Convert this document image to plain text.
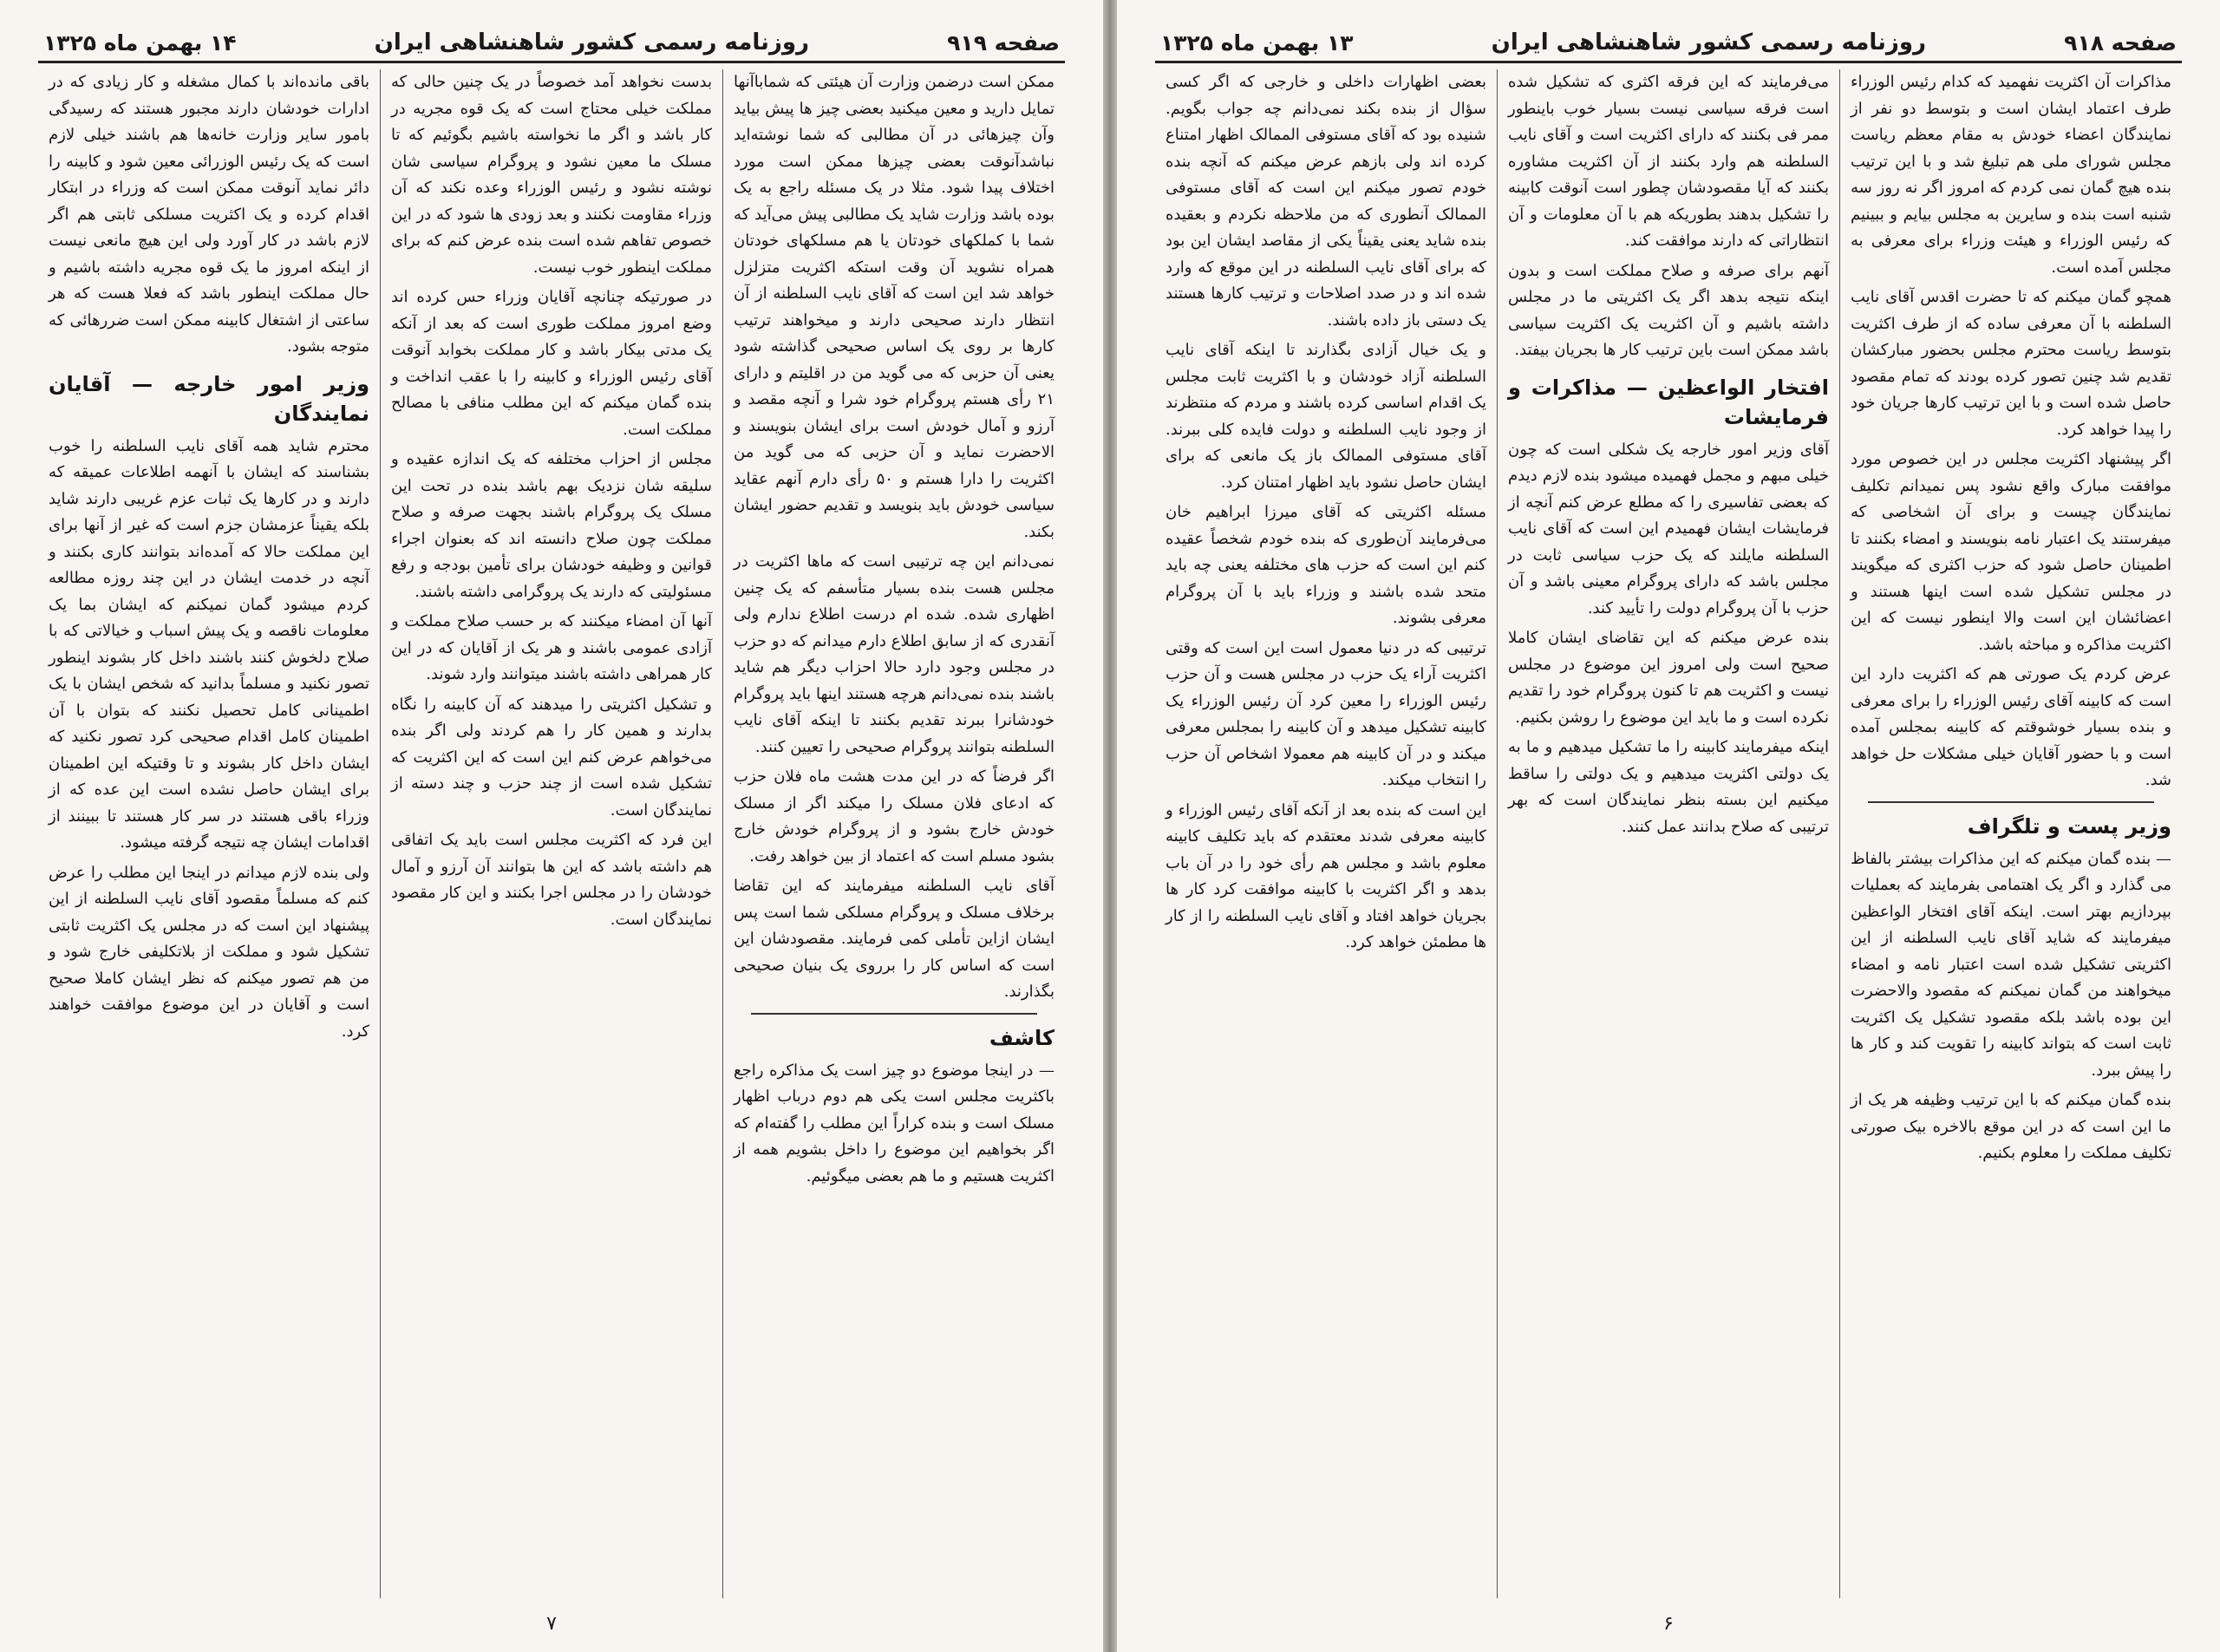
صفحه ۹۱۹
روزنامه رسمی کشور شاهنشاهی ایران
۱۴ بهمن ماه ۱۳۲۵

ممکن است درضمن وزارت آن هیئتی که شماباآنها تمایل دارید و معین میکنید بعضی چیز ها پیش بیاید وآن چیزهائی در آن مطالبی که شما نوشته‌اید نباشدآنوقت بعضی چیزها ممکن است مورد اختلاف پیدا شود. مثلا در یک مسئله راجع به یک بوده باشد وزارت شاید یک مطالبی پیش می‌آید که شما با کملکهای خودتان یا هم مسلکهای خودتان همراه نشوید آن وقت استکه اکثریت متزلزل خواهد شد این است که آقای نایب السلطنه از آن انتظار دارند صحیحی دارند و میخواهند ترتیب کارها بر روی یک اساس صحیحی گذاشته شود یعنی آن حزبی که می گوید من در اقلیتم و دارای ۲۱ رأی هستم پروگرام خود شرا و آنچه مقصد و آرزو و آمال خودش است برای ایشان بنویسند و الاحضرت نماید و آن حزبی که می گوید من اکثریت را دارا هستم و ۵۰ رأی دارم آنهم عقاید سیاسی خودش باید بنویسد و تقدیم حضور ایشان بکند.

نمی‌دانم این چه ترتیبی است که ماها اکثریت در مجلس هست بنده بسیار متأسفم که یک چنین اظهاری شده. شده ام درست اطلاع ندارم ولی آنقدری که از سابق اطلاع دارم میدانم که دو حزب در مجلس وجود دارد حالا احزاب دیگر هم شاید باشند بنده نمی‌دانم هرچه هستند اینها باید پروگرام خودشانرا ببرند تقدیم بکنند تا اینکه آقای نایب السلطنه بتوانند پروگرام صحیحی را تعیین کنند.

اگر فرضاً که در این مدت هشت ماه فلان حزب که ادعای فلان مسلک را میکند اگر از مسلک خودش خارج بشود و از پروگرام خودش خارج بشود مسلم است که اعتماد از بین خواهد رفت.

آقای نایب السلطنه میفرمایند که این تقاضا برخلاف مسلک و پروگرام مسلکی شما است پس ایشان ازاین تأملی کمی فرمایند. مقصودشان این است که اساس کار را برروی یک بنیان صحیحی بگذارند.

کاشف

— در اینجا موضوع دو چیز است یک مذاکره راجع باکثریت مجلس است یکی هم دوم درباب اظهار مسلک است و بنده کراراً این مطلب را گفته‌ام که اگر بخواهیم این موضوع را داخل بشویم همه از اکثریت هستیم و ما هم بعضی میگوئیم.

بدست نخواهد آمد خصوصاً در یک چنین حالی که مملکت خیلی محتاج است که یک قوه مجریه در کار باشد و اگر ما نخواسته باشیم بگوئیم که تا مسلک ما معین نشود و پروگرام سیاسی شان نوشته نشود و رئیس الوزراء وعده نکند که آن وزراء مقاومت نکنند و بعد زودی ها شود که در این خصوص تفاهم شده است بنده عرض کنم که برای مملکت اینطور خوب نیست.

در صورتیکه چنانچه آقایان وزراء حس کرده اند وضع امروز مملکت طوری است که بعد از آنکه یک مدتی بیکار باشد و کار مملکت بخوابد آنوقت آقای رئیس الوزراء و کابینه را با عقب انداخت و بنده گمان میکنم که این مطلب منافی با مصالح مملکت است.

مجلس از احزاب مختلفه که یک اندازه عقیده و سلیقه شان نزدیک بهم باشد بنده در تحت این مسلک یک پروگرام باشند بجهت صرفه و صلاح مملکت چون صلاح دانسته اند که بعنوان اجراء قوانین و وظیفه خودشان برای تأمین بودجه و رفع مسئولیتی که دارند یک پروگرامی داشته باشند.

آنها آن امضاء میکنند که بر حسب صلاح مملکت و آزادی عمومی باشند و هر یک از آقایان که در این کار همراهی داشته باشند میتوانند وارد شوند.

و تشکیل اکثریتی را میدهند که آن کابینه را نگاه بدارند و همین کار را هم کردند ولی اگر بنده می‌خواهم عرض کنم این است که این اکثریت که تشکیل شده است از چند حزب و چند دسته از نمایندگان است.

این فرد که اکثریت مجلس است باید یک اتفاقی هم داشته باشد که این ها بتوانند آن آرزو و آمال خودشان را در مجلس اجرا بکنند و این کار مقصود نمایندگان است.

باقی مانده‌اند با کمال مشغله و کار زیادی که در ادارات خودشان دارند مجبور هستند که رسیدگی بامور سایر وزارت خانه‌ها هم باشند خیلی لازم است که یک رئیس الوزرائی معین شود و کابینه را دائر نماید آنوقت ممکن است که وزراء در ابتکار اقدام کرده و یک اکثریت مسلکی ثابتی هم اگر لازم باشد در کار آورد ولی این هیچ مانعی نیست از اینکه امروز ما یک قوه مجریه داشته باشیم و حال مملکت اینطور باشد که فعلا هست که هر ساعتی از اشتغال کابینه ممکن است ضررهائی که متوجه بشود.

وزیر امور خارجه — آقایان نمایندگان

محترم شاید همه آقای نایب السلطنه را خوب بشناسند که ایشان با آنهمه اطلاعات عمیقه که دارند و در کارها یک ثبات عزم غریبی دارند شاید بلکه یقیناً عزمشان جزم است که غیر از آنها برای این مملکت حالا که آمده‌اند بتوانند کاری بکنند و آنچه در خدمت ایشان در این چند روزه مطالعه کردم میشود گمان نمیکنم که ایشان بما یک معلومات ناقصه و یک پیش اسباب و خیالاتی که با صلاح دلخوش کنند باشند داخل کار بشوند اینطور تصور نکنید و مسلماً بدانید که شخص ایشان با یک اطمینانی کامل تحصیل نکنند که بتوان با آن اطمینان کامل اقدام صحیحی کرد تصور نکنید که ایشان داخل کار بشوند و تا وقتیکه این اطمینان برای ایشان حاصل نشده است این عده که از وزراء باقی هستند در سر کار هستند تا ببینند از اقدامات ایشان چه نتیجه گرفته میشود.

ولی بنده لازم میدانم در اینجا این مطلب را عرض کنم که مسلماً مقصود آقای نایب السلطنه از این پیشنهاد این است که در مجلس یک اکثریت ثابتی تشکیل شود و مملکت از بلاتکلیفی خارج شود و من هم تصور میکنم که نظر ایشان کاملا صحیح است و آقایان در این موضوع موافقت خواهند کرد.

۷
صفحه ۹۱۸
روزنامه رسمی کشور شاهنشاهی ایران
۱۳ بهمن ماه ۱۳۲۵

مذاکرات آن اکثریت نفهمید که کدام رئیس الوزراء طرف اعتماد ایشان است و بتوسط دو نفر از نمایندگان اعضاء خودش به مقام معظم ریاست مجلس شورای ملی هم تبلیغ شد و با این ترتیب بنده هیچ گمان نمی کردم که امروز اگر نه روز سه شنبه است بنده و سایرین به مجلس بیایم و ببینیم که رئیس الوزراء و هیئت وزراء برای معرفی به مجلس آمده است.

همچو گمان میکنم که تا حضرت اقدس آقای نایب السلطنه با آن معرفی ساده که از طرف اکثریت بتوسط ریاست محترم مجلس بحضور مبارکشان تقدیم شد چنین تصور کرده بودند که تمام مقصود حاصل شده است و با این ترتیب کارها جریان خود را پیدا خواهد کرد.

اگر پیشنهاد اکثریت مجلس در این خصوص مورد موافقت مبارک واقع نشود پس نمیدانم تکلیف نمایندگان چیست و برای آن اشخاصی که میفرستند یک اعتبار نامه بنویسند و امضاء بکنند تا اطمینان حاصل شود که حزب اکثری که میگویند در مجلس تشکیل شده است اینها هستند و اعضائشان این است والا اینطور نیست که این اکثریت مذاکره و مباحثه باشد.

عرض کردم یک صورتی هم که اکثریت دارد این است که کابینه آقای رئیس الوزراء را برای معرفی و بنده بسیار خوشوقتم که کابینه بمجلس آمده است و با حضور آقایان خیلی مشکلات حل خواهد شد.

وزیر پست و تلگراف

— بنده گمان میکنم که این مذاکرات بیشتر بالفاظ می گذارد و اگر یک اهتمامی بفرمایند که بعملیات بپردازیم بهتر است. اینکه آقای افتخار الواعظین میفرمایند که شاید آقای نایب السلطنه از این اکثریتی تشکیل شده است اعتبار نامه و امضاء میخواهند من گمان نمیکنم که مقصود والاحضرت این بوده باشد بلکه مقصود تشکیل یک اکثریت ثابت است که بتواند کابینه را تقویت کند و کار ها را پیش ببرد.

بنده گمان میکنم که با این ترتیب وظیفه هر یک از ما این است که در این موقع بالاخره بیک صورتی تکلیف مملکت را معلوم بکنیم.

می‌فرمایند که این فرقه اکثری که تشکیل شده است فرقه سیاسی نیست بسیار خوب باینطور ممر فی بکنند که دارای اکثریت است و آقای نایب السلطنه هم وارد بکنند از آن اکثریت مشاوره بکنند که آیا مقصودشان چطور است آنوقت کابینه را تشکیل بدهند بطوریکه هم با آن معلومات و آن انتظاراتی که دارند موافقت کند.

آنهم برای صرفه و صلاح مملکت است و بدون اینکه نتیجه بدهد اگر یک اکثریتی ما در مجلس داشته باشیم و آن اکثریت یک اکثریت سیاسی باشد ممکن است باین ترتیب کار ها بجریان بیفتد.

افتخار الواعظین — مذاکرات و فرمایشات

آقای وزیر امور خارجه یک شکلی است که چون خیلی مبهم و مجمل فهمیده میشود بنده لازم دیدم که بعضی تفاسیری را که مطلع عرض کنم آنچه از فرمایشات ایشان فهمیدم این است که آقای نایب السلطنه مایلند که یک حزب سیاسی ثابت در مجلس باشد که دارای پروگرام معینی باشد و آن حزب با آن پروگرام دولت را تأیید کند.

بنده عرض میکنم که این تقاضای ایشان کاملا صحیح است ولی امروز این موضوع در مجلس نیست و اکثریت هم تا کنون پروگرام خود را تقدیم نکرده است و ما باید این موضوع را روشن بکنیم.

اینکه میفرمایند کابینه را ما تشکیل میدهیم و ما به یک دولتی اکثریت میدهیم و یک دولتی را ساقط میکنیم این بسته بنظر نمایندگان است که بهر ترتیبی که صلاح بدانند عمل کنند.

بعضی اظهارات داخلی و خارجی که اگر کسی سؤال از بنده بکند نمی‌دانم چه جواب بگویم. شنیده بود که آقای مستوفی الممالک اظهار امتناع کرده اند ولی بازهم عرض میکنم که آنچه بنده خودم تصور میکنم این است که آقای مستوفی الممالک آنطوری که من ملاحظه نکردم و بعقیده بنده شاید یعنی یقیناً یکی از مقاصد ایشان این بود که برای آقای نایب السلطنه در این موقع که وارد شده اند و در صدد اصلاحات و ترتیب کارها هستند یک دستی باز داده باشند.

و یک خیال آزادی بگذارند تا اینکه آقای نایب السلطنه آزاد خودشان و با اکثریت ثابت مجلس یک اقدام اساسی کرده باشند و مردم که منتظرند از وجود نایب السلطنه و دولت فایده کلی ببرند. آقای مستوفی الممالک باز یک مانعی که برای ایشان حاصل نشود باید اظهار امتنان کرد.

مسئله اکثریتی که آقای میرزا ابراهیم خان می‌فرمایند آن‌طوری که بنده خودم شخصاً عقیده کنم این است که حزب های مختلفه یعنی چه باید متحد شده باشند و وزراء باید با آن پروگرام معرفی بشوند.

ترتیبی که در دنیا معمول است این است که وقتی اکثریت آراء یک حزب در مجلس هست و آن حزب رئیس الوزراء را معین کرد آن رئیس الوزراء یک کابینه تشکیل میدهد و آن کابینه را بمجلس معرفی میکند و در آن کابینه هم معمولا اشخاص آن حزب را انتخاب میکند.

این است که بنده بعد از آنکه آقای رئیس الوزراء و کابینه معرفی شدند معتقدم که باید تکلیف کابینه معلوم باشد و مجلس هم رأی خود را در آن باب بدهد و اگر اکثریت با کابینه موافقت کرد کار ها بجریان خواهد افتاد و آقای نایب السلطنه را از کار ها مطمئن خواهد کرد.

۶
